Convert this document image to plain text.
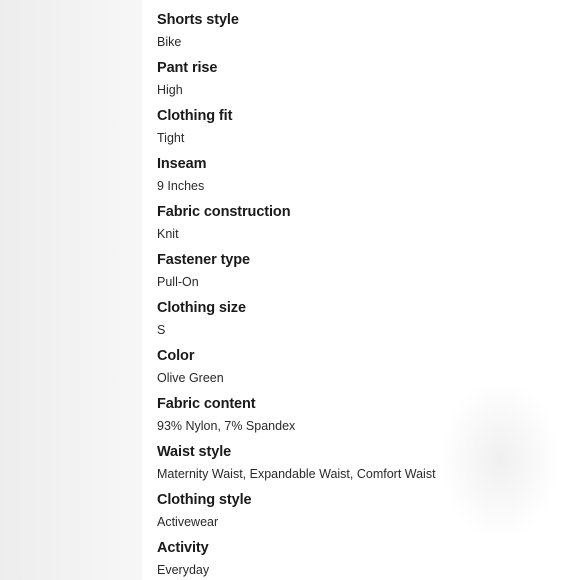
Shorts style
Bike
Pant rise
High
Clothing fit
Tight
Inseam
9 Inches
Fabric construction
Knit
Fastener type
Pull-On
Clothing size
S
Color
Olive Green
Fabric content
93% Nylon, 7% Spandex
Waist style
Maternity Waist, Expandable Waist, Comfort Waist
Clothing style
Activewear
Activity
Everyday
